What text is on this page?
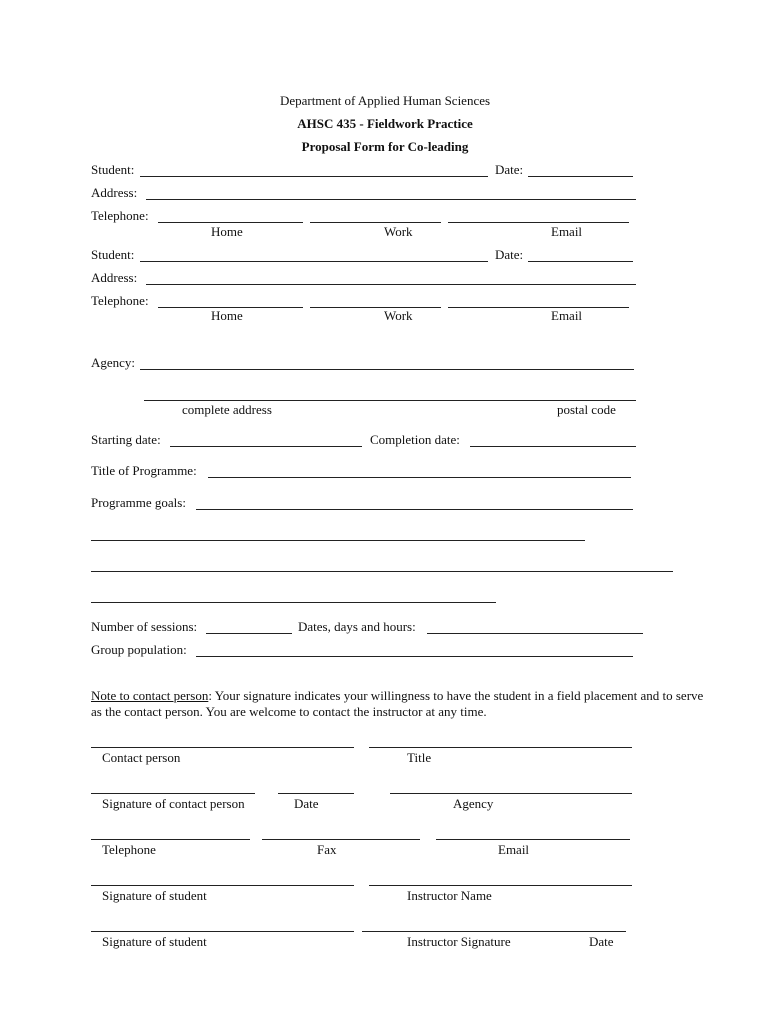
Department of Applied Human Sciences
AHSC 435 - Fieldwork Practice
Proposal Form for Co-leading
Student:	Date:
Address:
Telephone:
Home	Work	Email
Student:	Date:
Address:
Telephone:
Home	Work	Email
Agency:
complete address	postal code
Starting date:	Completion date:
Title of Programme:
Programme goals:
Number of sessions:	Dates, days and hours:
Group population:
Note to contact person: Your signature indicates your willingness to have the student in a field placement and to serve as the contact person. You are welcome to contact the instructor at any time.
Contact person	Title
Signature of contact person	Date	Agency
Telephone	Fax	Email
Signature of student	Instructor Name
Signature of student	Instructor Signature	Date
